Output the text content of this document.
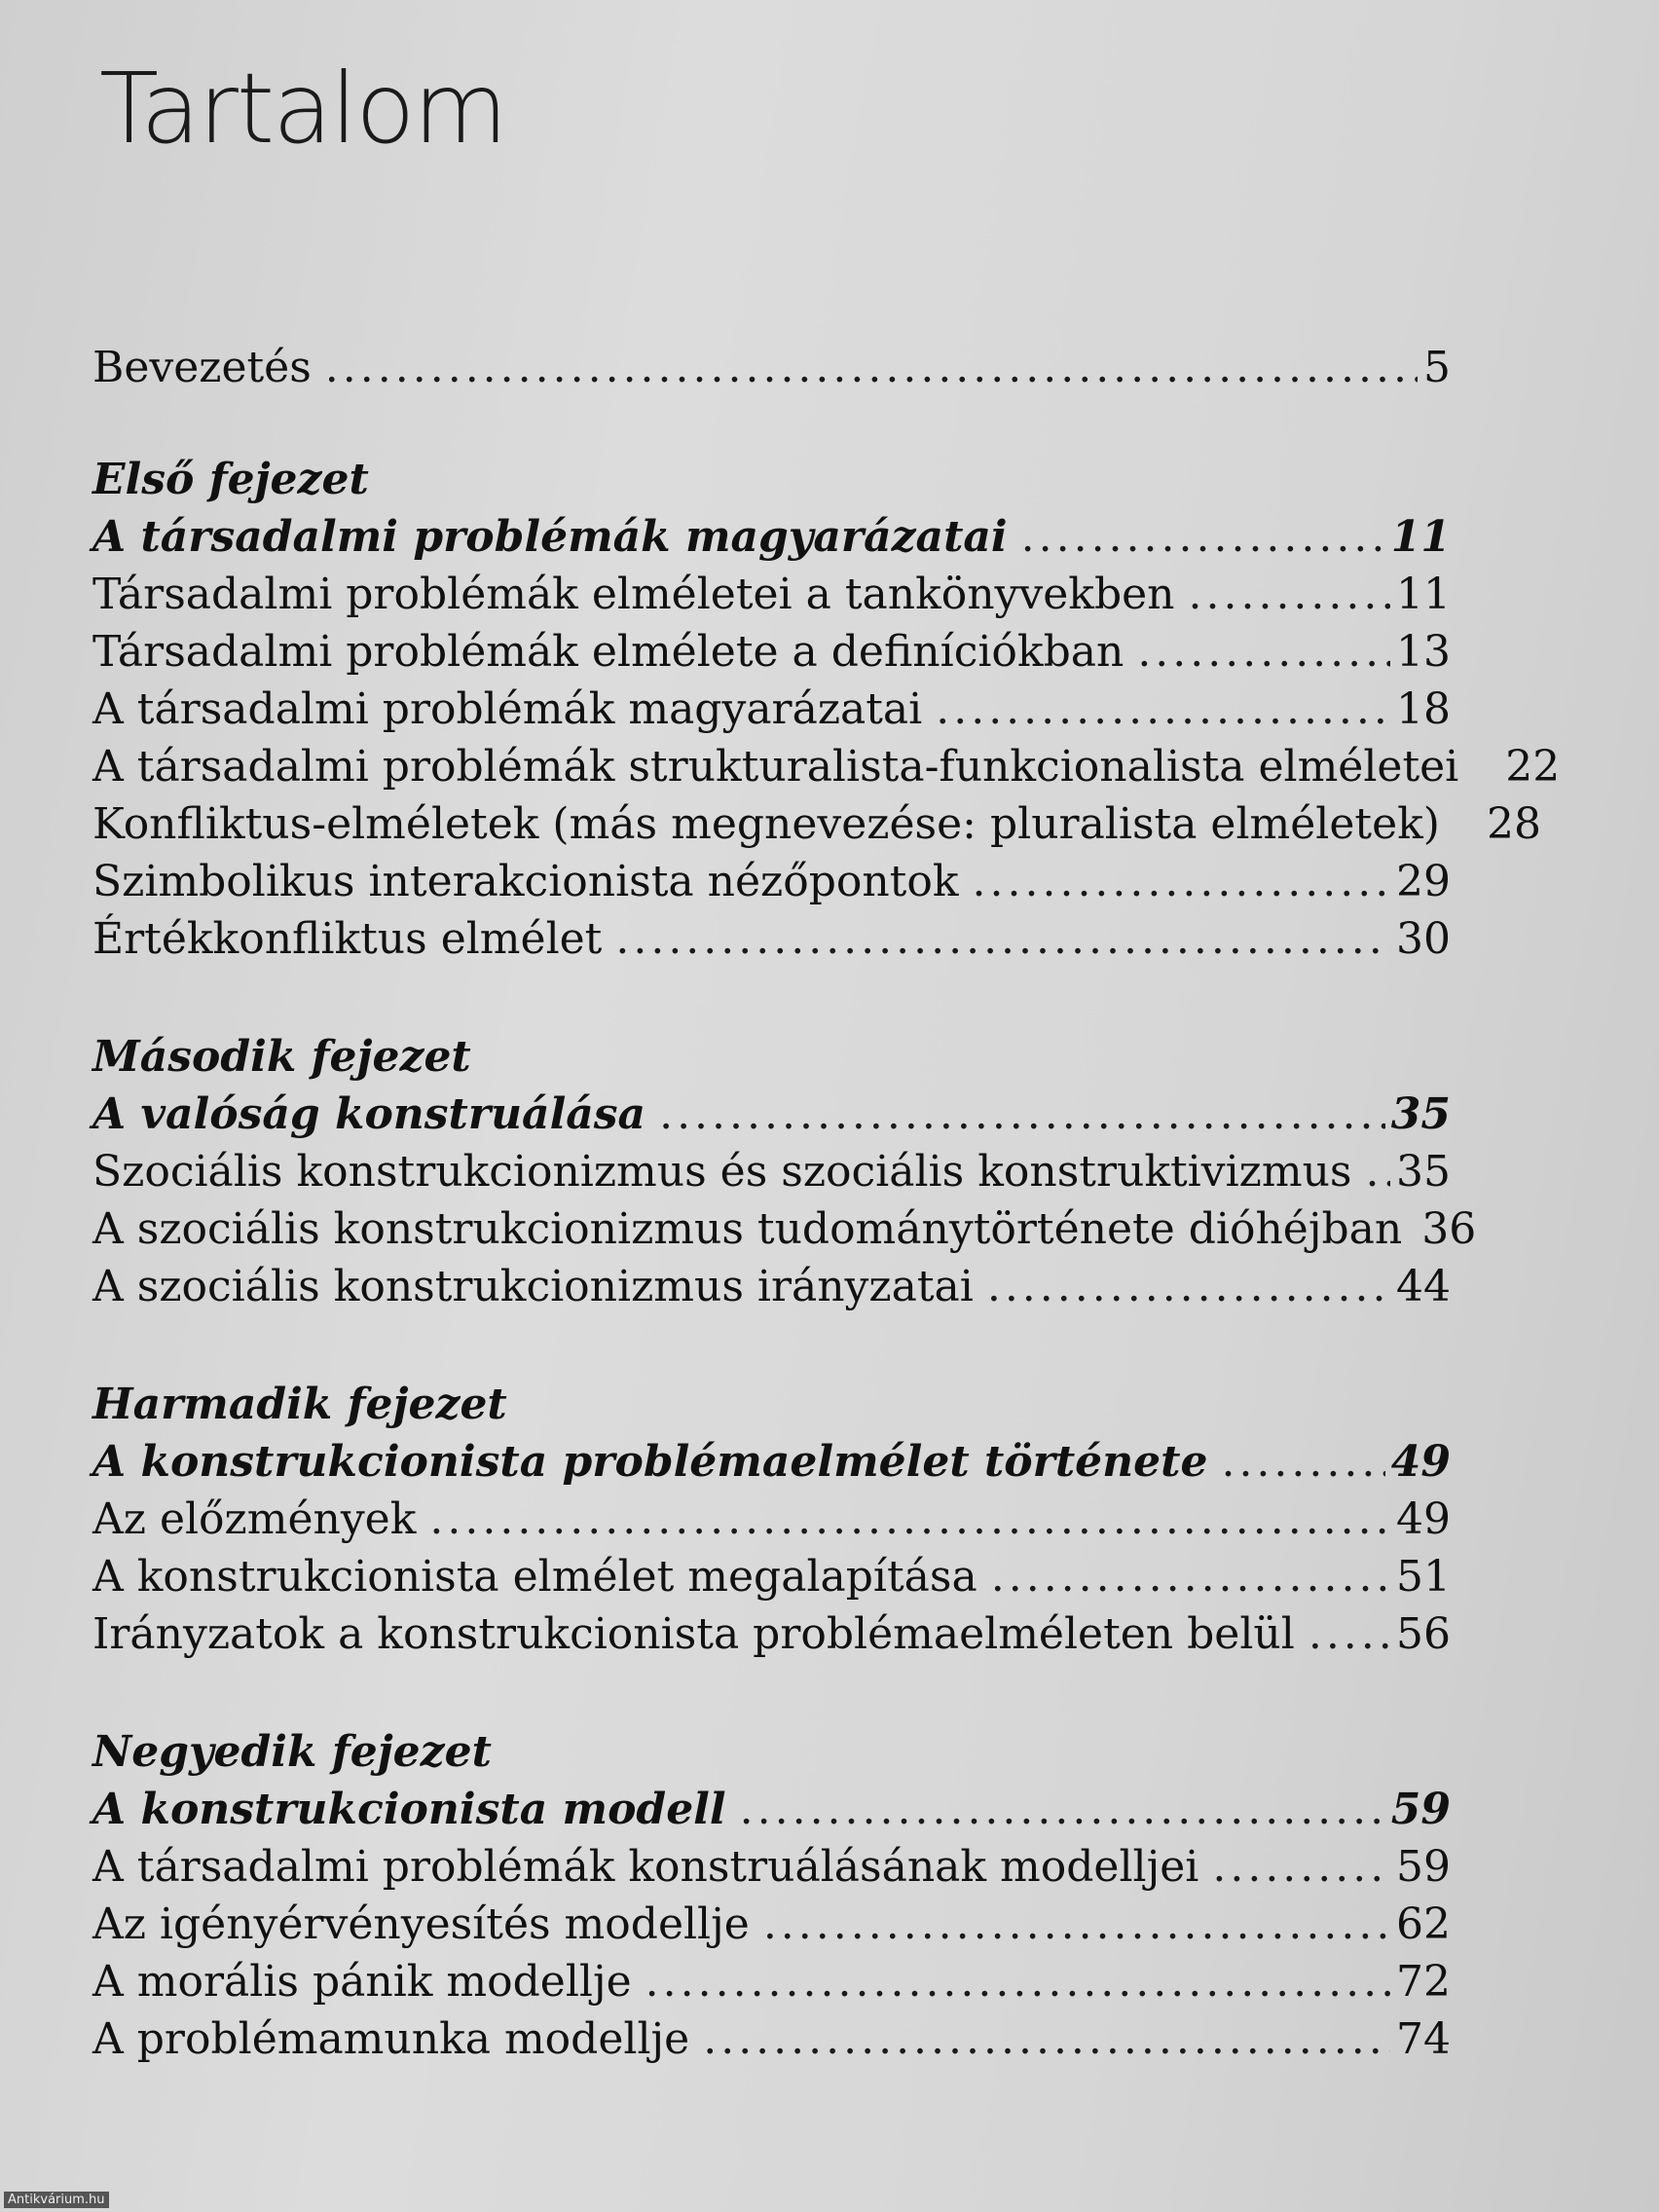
Tartalom
Bevezetés .....	5
Első fejezet
A társadalmi problémák magyarázatai .....	11
Társadalmi problémák elméletei a tankönyvekben .....	11
Társadalmi problémák elmélete a definíciókban .....	13
A társadalmi problémák magyarázatai .....	18
A társadalmi problémák strukturalista-funkcionalista elméletei 22
Konfliktus-elméletek (más megnevezése: pluralista elméletek) 28
Szimbolikus interakcionista nézőpontok .....	29
Értékkonfliktus elmélet .....	30
Második fejezet
A valóság konstruálása .....	35
Szociális konstrukcionizmus és szociális konstruktivizmus ..... 35
A szociális konstrukcionizmus tudománytörténete dióhéjban 36
A szociális konstrukcionizmus irányzatai .....	44
Harmadik fejezet
A konstrukcionista problémaelmélet története .....	49
Az előzmények .....	49
A konstrukcionista elmélet megalapítása .....	51
Irányzatok a konstrukcionista problémaelméleten belül ..... 56
Negyedik fejezet
A konstrukcionista modell .....	59
A társadalmi problémák konstruálásának modelljei .....	59
Az igényérvényesítés modellje .....	62
A morális pánik modellje .....	72
A problémamunka modellje .....	74
Antikvárium.hu
